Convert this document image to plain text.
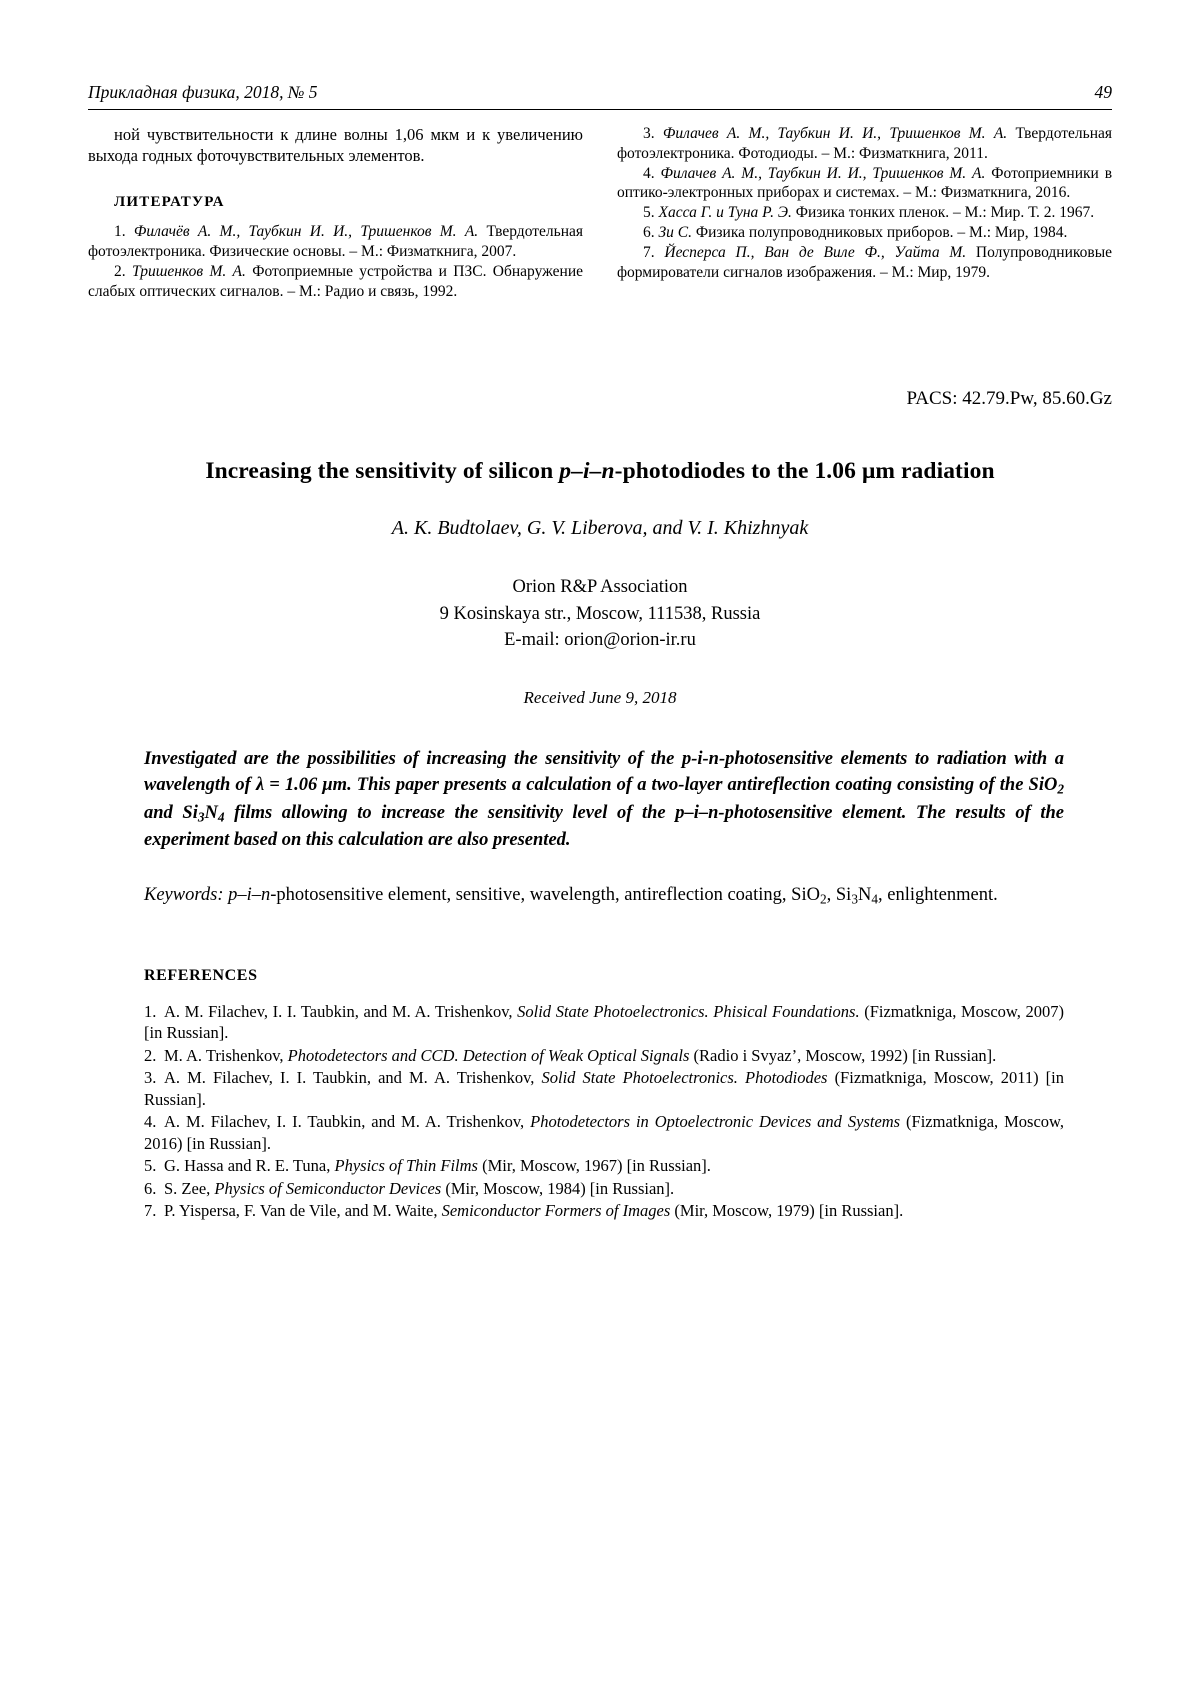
Прикладная физика, 2018, № 5	49

ной чувствительности к длине волны 1,06 мкм и к увеличению выхода годных фоточувствительных элементов.

ЛИТЕРАТУРА

1. Филачёв А. М., Таубкин И. И., Тришенков М. А. Твердотельная фотоэлектроника. Физические основы. – М.: Физматкнига, 2007.

2. Тришенков М. А. Фотоприемные устройства и ПЗС. Обнаружение слабых оптических сигналов. – М.: Радио и связь, 1992.

3. Филачев А. М., Таубкин И. И., Тришенков М. А. Твердотельная фотоэлектроника. Фотодиоды. – М.: Физматкнига, 2011.

4. Филачев А. М., Таубкин И. И., Тришенков М. А. Фотоприемники в оптико-электронных приборах и системах. – М.: Физматкнига, 2016.

5. Хасса Г. и Туна Р. Э. Физика тонких пленок. – М.: Мир. Т. 2. 1967.

6. Зи С. Физика полупроводниковых приборов. – М.: Мир, 1984.

7. Йесперса П., Ван де Виле Ф., Уайта М. Полупроводниковые формирователи сигналов изображения. – М.: Мир, 1979.

PACS: 42.79.Pw, 85.60.Gz
Increasing the sensitivity of silicon p–i–n-photodiodes to the 1.06 μm radiation
A. K. Budtolaev, G. V. Liberova, and V. I. Khizhnyak
Orion R&P Association
9 Kosinskaya str., Moscow, 111538, Russia
E-mail: orion@orion-ir.ru
Received June 9, 2018
Investigated are the possibilities of increasing the sensitivity of the p-i-n-photosensitive elements to radiation with a wavelength of λ = 1.06 μm. This paper presents a calculation of a two-layer antireflection coating consisting of the SiO$_2$ and $Si_3N_4$ films allowing to increase the sensitivity level of the p–i–n-photosensitive element. The results of the experiment based on this calculation are also presented.
Keywords: p–i–n-photosensitive element, sensitive, wavelength, antireflection coating, SiO$_2$, $Si_3N_4$, enlightenment.
REFERENCES
1. A. M. Filachev, I. I. Taubkin, and M. A. Trishenkov, Solid State Photoelectronics. Phisical Foundations. (Fizmatkniga, Moscow, 2007) [in Russian].
2. M. A. Trishenkov, Photodetectors and CCD. Detection of Weak Optical Signals (Radio i Svyaz’, Moscow, 1992) [in Russian].
3. A. M. Filachev, I. I. Taubkin, and M. A. Trishenkov, Solid State Photoelectronics. Photodiodes (Fizmatkniga, Moscow, 2011) [in Russian].
4. A. M. Filachev, I. I. Taubkin, and M. A. Trishenkov, Photodetectors in Optoelectronic Devices and Systems (Fizmatkniga, Moscow, 2016) [in Russian].
5. G. Hassa and R. E. Tuna, Physics of Thin Films (Mir, Moscow, 1967) [in Russian].
6. S. Zee, Physics of Semiconductor Devices (Mir, Moscow, 1984) [in Russian].
7. P. Yispersa, F. Van de Vile, and M. Waite, Semiconductor Formers of Images (Mir, Moscow, 1979) [in Russian].
